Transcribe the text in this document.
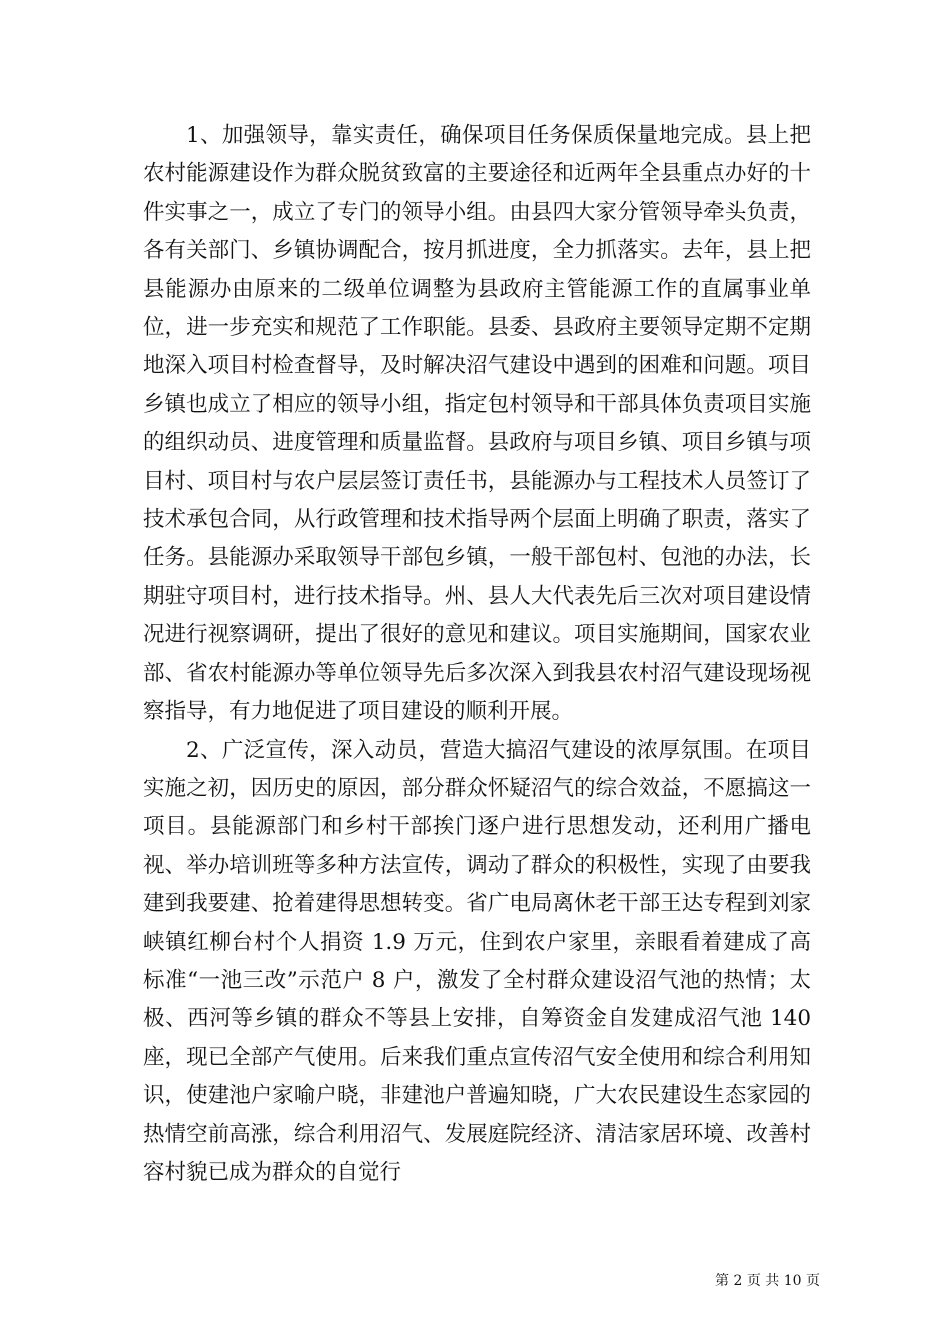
1、加强领导，靠实责任，确保项目任务保质保量地完成。县上把农村能源建设作为群众脱贫致富的主要途径和近两年全县重点办好的十件实事之一，成立了专门的领导小组。由县四大家分管领导牵头负责，各有关部门、乡镇协调配合，按月抓进度，全力抓落实。去年，县上把县能源办由原来的二级单位调整为县政府主管能源工作的直属事业单位，进一步充实和规范了工作职能。县委、县政府主要领导定期不定期地深入项目村检查督导，及时解决沼气建设中遇到的困难和问题。项目乡镇也成立了相应的领导小组，指定包村领导和干部具体负责项目实施的组织动员、进度管理和质量监督。县政府与项目乡镇、项目乡镇与项目村、项目村与农户层层签订责任书，县能源办与工程技术人员签订了技术承包合同，从行政管理和技术指导两个层面上明确了职责，落实了任务。县能源办采取领导干部包乡镇，一般干部包村、包池的办法，长期驻守项目村，进行技术指导。州、县人大代表先后三次对项目建设情况进行视察调研，提出了很好的意见和建议。项目实施期间，国家农业部、省农村能源办等单位领导先后多次深入到我县农村沼气建设现场视察指导，有力地促进了项目建设的顺利开展。

2、广泛宣传，深入动员，营造大搞沼气建设的浓厚氛围。在项目实施之初，因历史的原因，部分群众怀疑沼气的综合效益，不愿搞这一项目。县能源部门和乡村干部挨门逐户进行思想发动，还利用广播电视、举办培训班等多种方法宣传，调动了群众的积极性，实现了由要我建到我要建、抢着建得思想转变。省广电局离休老干部王达专程到刘家峡镇红柳台村个人捐资 1.9 万元，住到农户家里，亲眼看着建成了高标准“一池三改”示范户 8 户，激发了全村群众建设沼气池的热情；太极、西河等乡镇的群众不等县上安排，自筹资金自发建成沼气池 140 座，现已全部产气使用。后来我们重点宣传沼气安全使用和综合利用知识，使建池户家喻户晓，非建池户普遍知晓，广大农民建设生态家园的热情空前高涨，综合利用沼气、发展庭院经济、清洁家居环境、改善村容村貌已成为群众的自觉行

第 2 页 共 10 页
